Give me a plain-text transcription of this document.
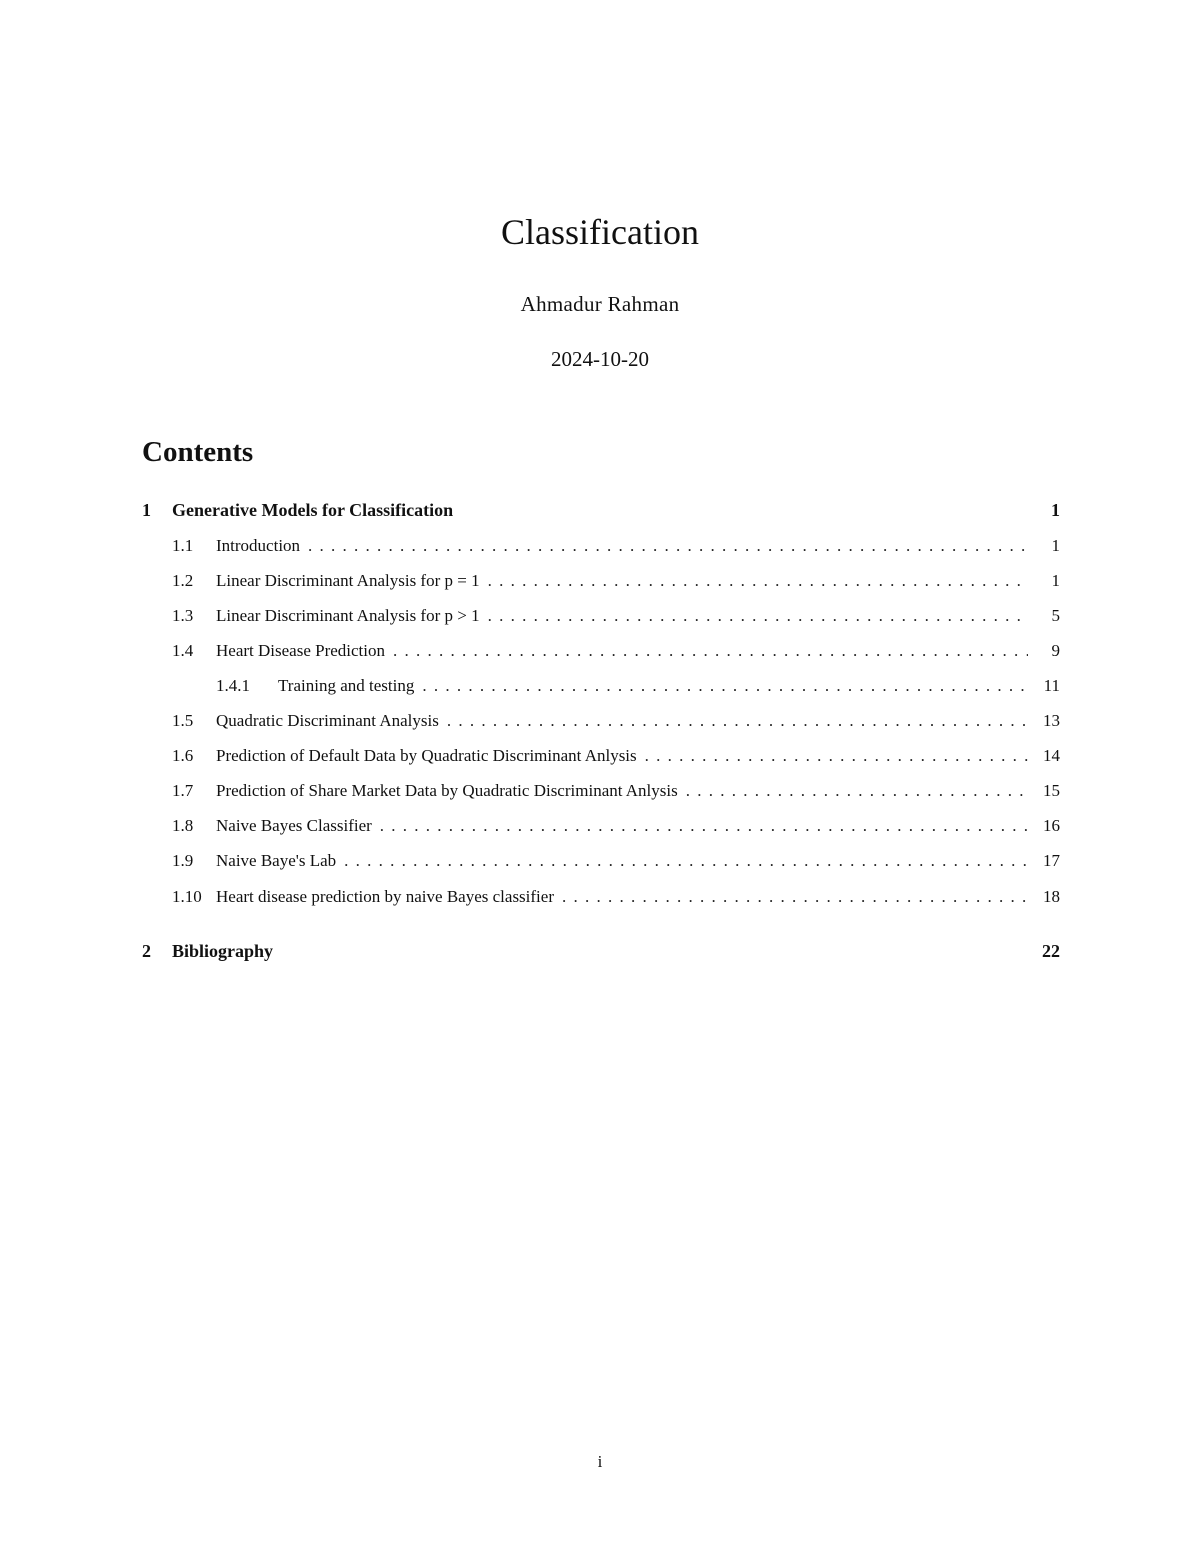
Classification
Ahmadur Rahman
2024-10-20
Contents
1	Generative Models for Classification	1
1.1	Introduction . . .	1
1.2	Linear Discriminant Analysis for p = 1 . . .	1
1.3	Linear Discriminant Analysis for p > 1 . . .	5
1.4	Heart Disease Prediction . . .	9
1.4.1	Training and testing . . .	11
1.5	Quadratic Discriminant Analysis . . .	13
1.6	Prediction of Default Data by Quadratic Discriminant Anlysis . . .	14
1.7	Prediction of Share Market Data by Quadratic Discriminant Anlysis . . .	15
1.8	Naive Bayes Classifier . . .	16
1.9	Naive Baye's Lab . . .	17
1.10 Heart disease prediction by naive Bayes classifier . . .	18
2	Bibliography	22
i
